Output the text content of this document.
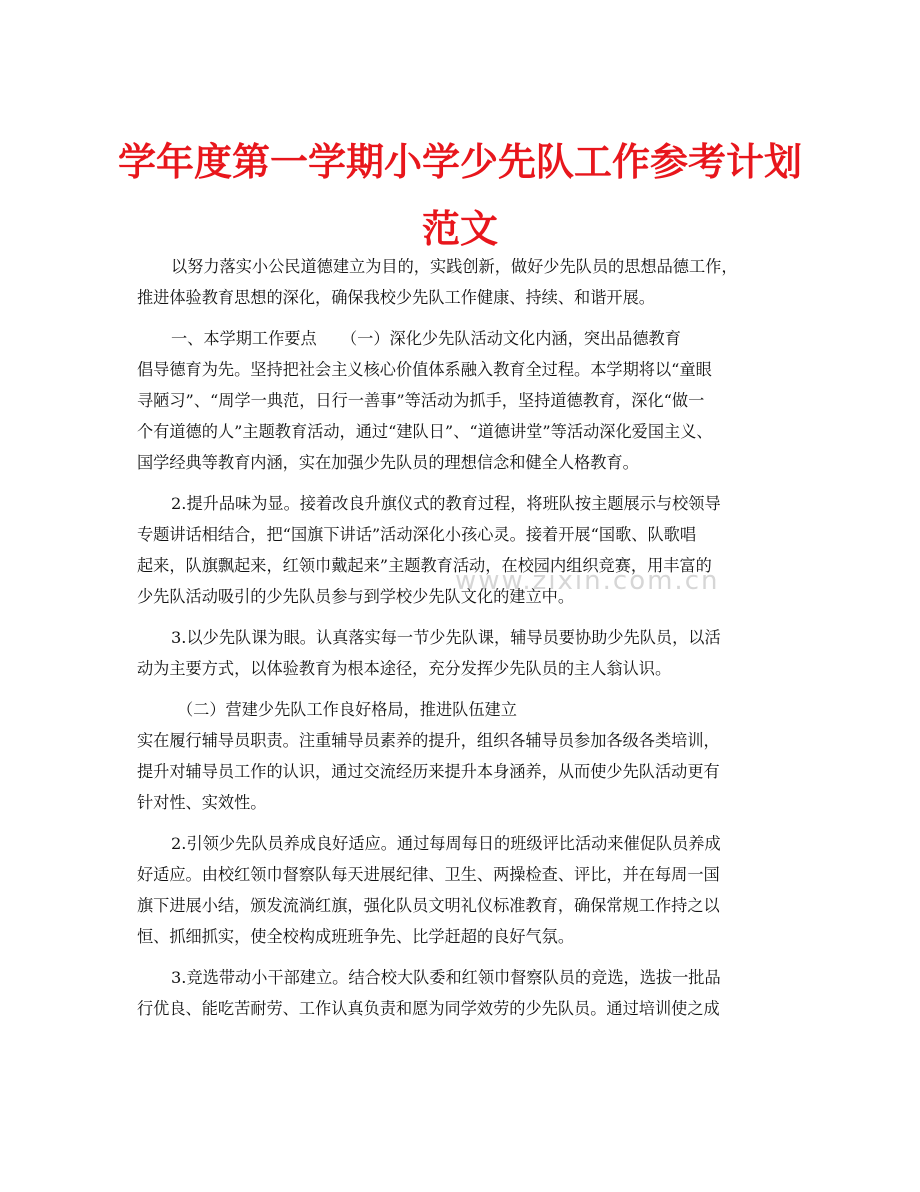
学年度第一学期小学少先队工作参考计划
范文
www.zixin.com.cn
以努力落实小公民道德建立为目的，实践创新，做好少先队员的思想品德工作，
推进体验教育思想的深化，确保我校少先队工作健康、持续、和谐开展。
一、本学期工作要点　　（一）深化少先队活动文化内涵，突出品德教育
倡导德育为先。坚持把社会主义核心价值体系融入教育全过程。本学期将以“童眼
寻陋习”、“周学一典范，日行一善事”等活动为抓手，坚持道德教育，深化“做一
个有道德的人”主题教育活动，通过“建队日”、“道德讲堂”等活动深化爱国主义、
国学经典等教育内涵，实在加强少先队员的理想信念和健全人格教育。
2.提升品味为显。接着改良升旗仪式的教育过程，将班队按主题展示与校领导
专题讲话相结合，把“国旗下讲话”活动深化小孩心灵。接着开展“国歌、队歌唱
起来，队旗飘起来，红领巾戴起来”主题教育活动，在校园内组织竞赛，用丰富的
少先队活动吸引的少先队员参与到学校少先队文化的建立中。
3.以少先队课为眼。认真落实每一节少先队课，辅导员要协助少先队员，以活
动为主要方式，以体验教育为根本途径，充分发挥少先队员的主人翁认识。
（二）营建少先队工作良好格局，推进队伍建立
实在履行辅导员职责。注重辅导员素养的提升，组织各辅导员参加各级各类培训，
提升对辅导员工作的认识，通过交流经历来提升本身涵养，从而使少先队活动更有
针对性、实效性。
2.引领少先队员养成良好适应。通过每周每日的班级评比活动来催促队员养成
好适应。由校红领巾督察队每天进展纪律、卫生、两操检查、评比，并在每周一国
旗下进展小结，颁发流淌红旗，强化队员文明礼仪标准教育，确保常规工作持之以
恒、抓细抓实，使全校构成班班争先、比学赶超的良好气氛。
3.竞选带动小干部建立。结合校大队委和红领巾督察队员的竞选，选拔一批品
行优良、能吃苦耐劳、工作认真负责和愿为同学效劳的少先队员。通过培训使之成
